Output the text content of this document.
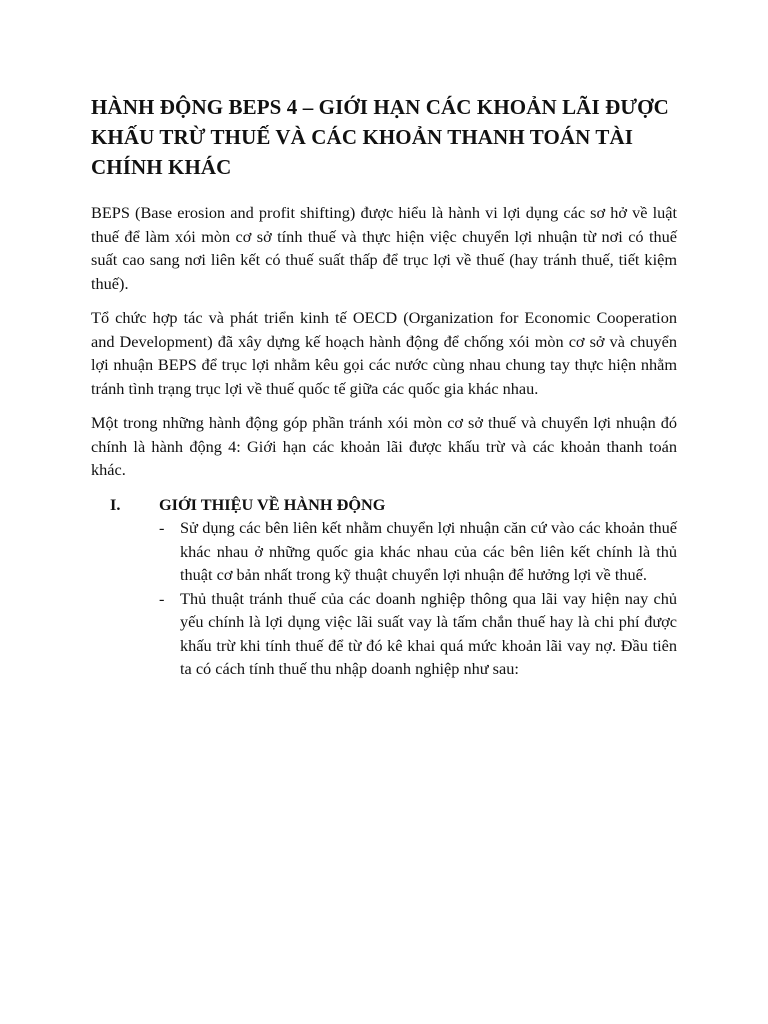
HÀNH ĐỘNG BEPS 4 – GIỚI HẠN CÁC KHOẢN LÃI ĐƯỢC KHẤU TRỪ THUẾ VÀ CÁC KHOẢN THANH TOÁN TÀI CHÍNH KHÁC

BEPS (Base erosion and profit shifting) được hiểu là hành vi lợi dụng các sơ hở về luật thuế để làm xói mòn cơ sở tính thuế và thực hiện việc chuyển lợi nhuận từ nơi có thuế suất cao sang nơi liên kết có thuế suất thấp để trục lợi về thuế (hay tránh thuế, tiết kiệm thuế).

Tổ chức hợp tác và phát triển kinh tế OECD (Organization for Economic Cooperation and Development) đã xây dựng kế hoạch hành động để chống xói mòn cơ sở và chuyển lợi nhuận BEPS để trục lợi nhằm kêu gọi các nước cùng nhau chung tay thực hiện nhằm tránh tình trạng trục lợi về thuế quốc tế giữa các quốc gia khác nhau.

Một trong những hành động góp phần tránh xói mòn cơ sở thuế và chuyển lợi nhuận đó chính là hành động 4: Giới hạn các khoản lãi được khấu trừ và các khoản thanh toán khác.

I.	GIỚI THIỆU VỀ HÀNH ĐỘNG
- Sử dụng các bên liên kết nhằm chuyển lợi nhuận căn cứ vào các khoản thuế khác nhau ở những quốc gia khác nhau của các bên liên kết chính là thủ thuật cơ bản nhất trong kỹ thuật chuyển lợi nhuận để hưởng lợi về thuế.
- Thủ thuật tránh thuế của các doanh nghiệp thông qua lãi vay hiện nay chủ yếu chính là lợi dụng việc lãi suất vay là tấm chắn thuế hay là chi phí được khấu trừ khi tính thuế để từ đó kê khai quá mức khoản lãi vay nợ. Đầu tiên ta có cách tính thuế thu nhập doanh nghiệp như sau:
